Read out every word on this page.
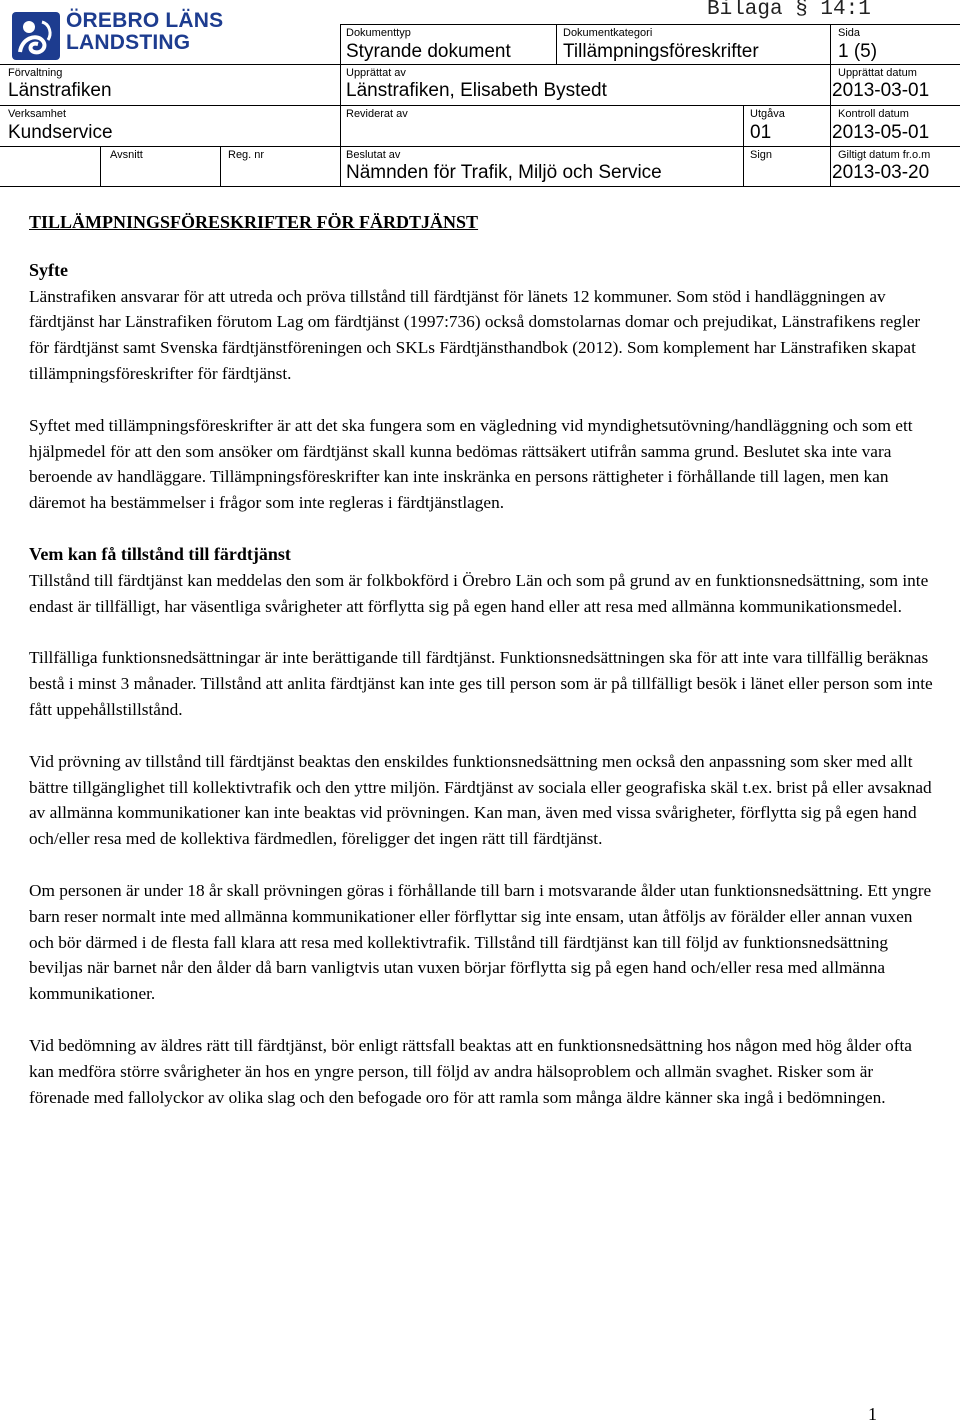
Bilaga § 14:1
ÖREBRO LÄNS
LANDSTING
Förvaltning
Länstrafiken
Verksamhet
Kundservice
Avsnitt	Reg. nr
Dokumenttyp
Styrande dokument
Dokumentkategori
Tillämpningsföreskrifter
Upprättat av
Länstrafiken, Elisabeth Bystedt
Reviderat av	Utgåva
01
Beslutat av
Nämnden för Trafik, Miljö och Service
Sign
Sida
1 (5)
Upprättat datum
2013-03-01
Kontroll datum
2013-05-01
Giltigt datum fr.o.m
2013-03-20
TILLÄMPNINGSFÖRESKRIFTER FÖR FÄRDTJÄNST
Syfte

Länstrafiken ansvarar för att utreda och pröva tillstånd till färdtjänst för länets 12 kommuner. Som stöd i handläggningen av färdtjänst har Länstrafiken förutom Lag om färdtjänst (1997:736) också domstolarnas domar och prejudikat, Länstrafikens regler för färdtjänst samt Svenska färdtjänstföreningen och SKLs Färdtjänsthandbok (2012). Som komplement har Länstrafiken skapat tillämpningsföreskrifter för färdtjänst.

Syftet med tillämpningsföreskrifter är att det ska fungera som en vägledning vid myndighetsutövning/handläggning och som ett hjälpmedel för att den som ansöker om färdtjänst skall kunna bedömas rättsäkert utifrån samma grund. Beslutet ska inte vara beroende av handläggare. Tillämpningsföreskrifter kan inte inskränka en persons rättigheter i förhållande till lagen, men kan däremot ha bestämmelser i frågor som inte regleras i färdtjänstlagen.

Vem kan få tillstånd till färdtjänst

Tillstånd till färdtjänst kan meddelas den som är folkbokförd i Örebro Län och som på grund av en funktionsnedsättning, som inte endast är tillfälligt, har väsentliga svårigheter att förflytta sig på egen hand eller att resa med allmänna kommunikationsmedel.

Tillfälliga funktionsnedsättningar är inte berättigande till färdtjänst. Funktionsnedsättningen ska för att inte vara tillfällig beräknas bestå i minst 3 månader. Tillstånd att anlita färdtjänst kan inte ges till person som är på tillfälligt besök i länet eller person som inte fått uppehållstillstånd.

Vid prövning av tillstånd till färdtjänst beaktas den enskildes funktionsnedsättning men också den anpassning som sker med allt bättre tillgänglighet till kollektivtrafik och den yttre miljön. Färdtjänst av sociala eller geografiska skäl t.ex. brist på eller avsaknad av allmänna kommunikationer kan inte beaktas vid prövningen. Kan man, även med vissa svårigheter, förflytta sig på egen hand och/eller resa med de kollektiva färdmedlen, föreligger det ingen rätt till färdtjänst.

Om personen är under 18 år skall prövningen göras i förhållande till barn i motsvarande ålder utan funktionsnedsättning. Ett yngre barn reser normalt inte med allmänna kommunikationer eller förflyttar sig inte ensam, utan åtföljs av förälder eller annan vuxen och bör därmed i de flesta fall klara att resa med kollektivtrafik. Tillstånd till färdtjänst kan till följd av funktionsnedsättning beviljas när barnet når den ålder då barn vanligtvis utan vuxen börjar förflytta sig på egen hand och/eller resa med allmänna kommunikationer.

Vid bedömning av äldres rätt till färdtjänst, bör enligt rättsfall beaktas att en funktionsnedsättning hos någon med hög ålder ofta kan medföra större svårigheter än hos en yngre person, till följd av andra hälsoproblem och allmän svaghet. Risker som är förenade med fallolyckor av olika slag och den befogade oro för att ramla som många äldre känner ska ingå i bedömningen.

1
